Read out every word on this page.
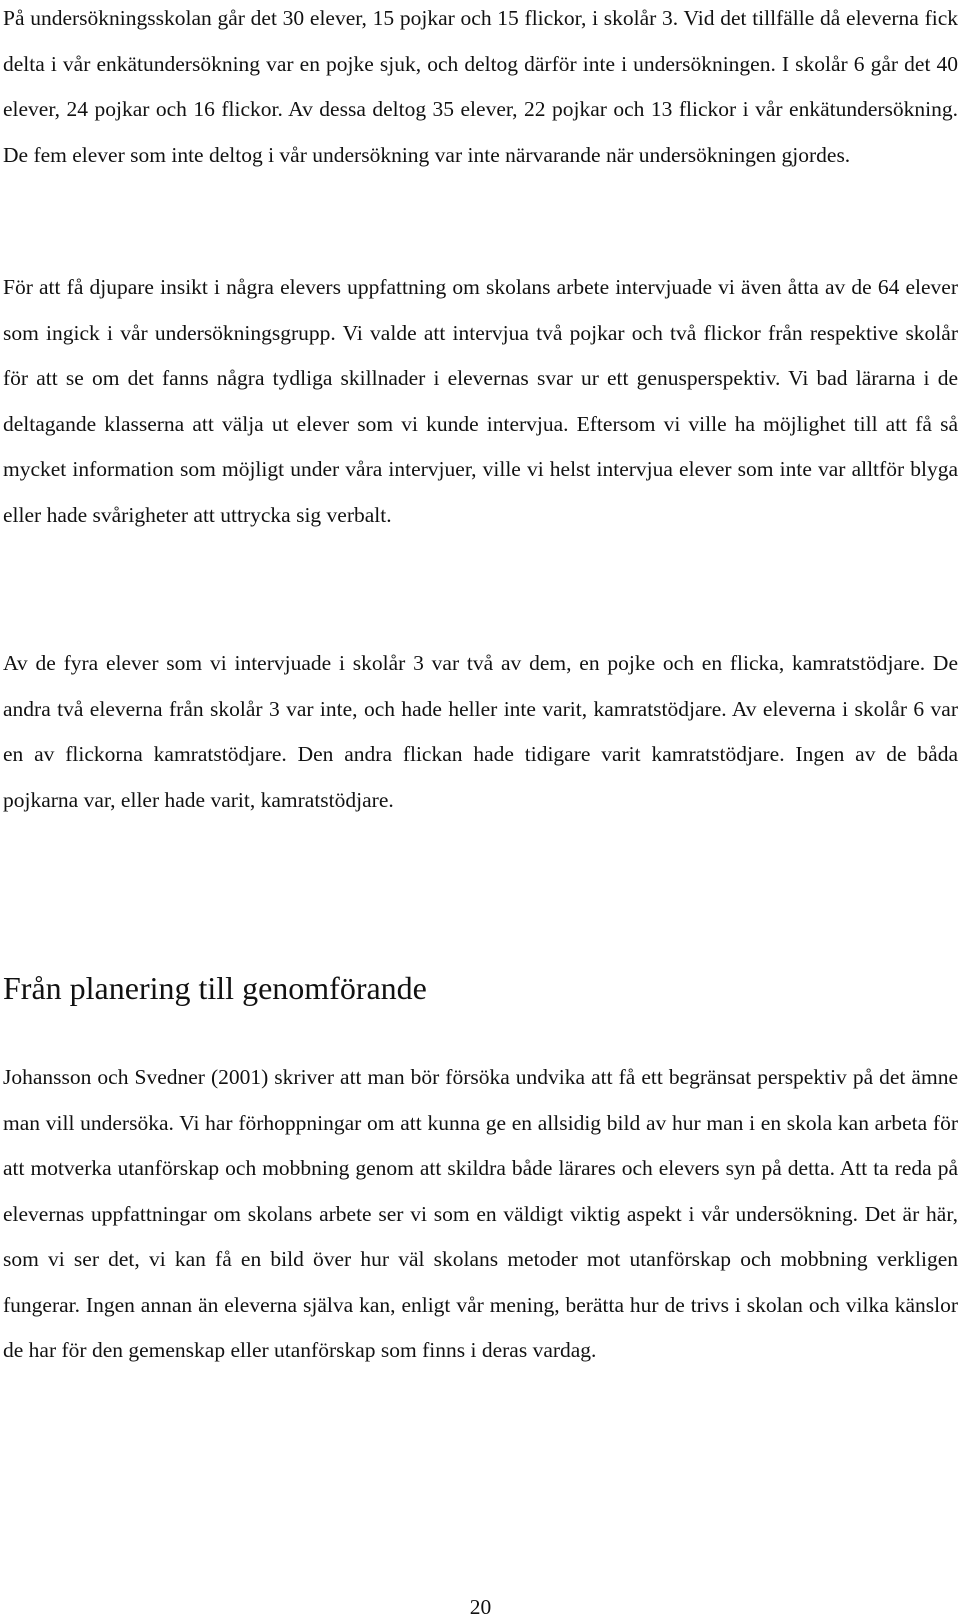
På undersökningsskolan går det 30 elever, 15 pojkar och 15 flickor, i skolår 3. Vid det tillfälle då eleverna fick delta i vår enkätundersökning var en pojke sjuk, och deltog därför inte i undersökningen. I skolår 6 går det 40 elever, 24 pojkar och 16 flickor. Av dessa deltog 35 elever, 22 pojkar och 13 flickor i vår enkätundersökning. De fem elever som inte deltog i vår undersökning var inte närvarande när undersökningen gjordes.

För att få djupare insikt i några elevers uppfattning om skolans arbete intervjuade vi även åtta av de 64 elever som ingick i vår undersökningsgrupp. Vi valde att intervjua två pojkar och två flickor från respektive skolår för att se om det fanns några tydliga skillnader i elevernas svar ur ett genusperspektiv. Vi bad lärarna i de deltagande klasserna att välja ut elever som vi kunde intervjua. Eftersom vi ville ha möjlighet till att få så mycket information som möjligt under våra intervjuer, ville vi helst intervjua elever som inte var alltför blyga eller hade svårigheter att uttrycka sig verbalt.

Av de fyra elever som vi intervjuade i skolår 3 var två av dem, en pojke och en flicka, kamratstödjare. De andra två eleverna från skolår 3 var inte, och hade heller inte varit, kamratstödjare. Av eleverna i skolår 6 var en av flickorna kamratstödjare. Den andra flickan hade tidigare varit kamratstödjare. Ingen av de båda pojkarna var, eller hade varit, kamratstödjare.

Från planering till genomförande

Johansson och Svedner (2001) skriver att man bör försöka undvika att få ett begränsat perspektiv på det ämne man vill undersöka. Vi har förhoppningar om att kunna ge en allsidig bild av hur man i en skola kan arbeta för att motverka utanförskap och mobbning genom att skildra både lärares och elevers syn på detta. Att ta reda på elevernas uppfattningar om skolans arbete ser vi som en väldigt viktig aspekt i vår undersökning. Det är här, som vi ser det, vi kan få en bild över hur väl skolans metoder mot utanförskap och mobbning verkligen fungerar. Ingen annan än eleverna själva kan, enligt vår mening, berätta hur de trivs i skolan och vilka känslor de har för den gemenskap eller utanförskap som finns i deras vardag.

20
